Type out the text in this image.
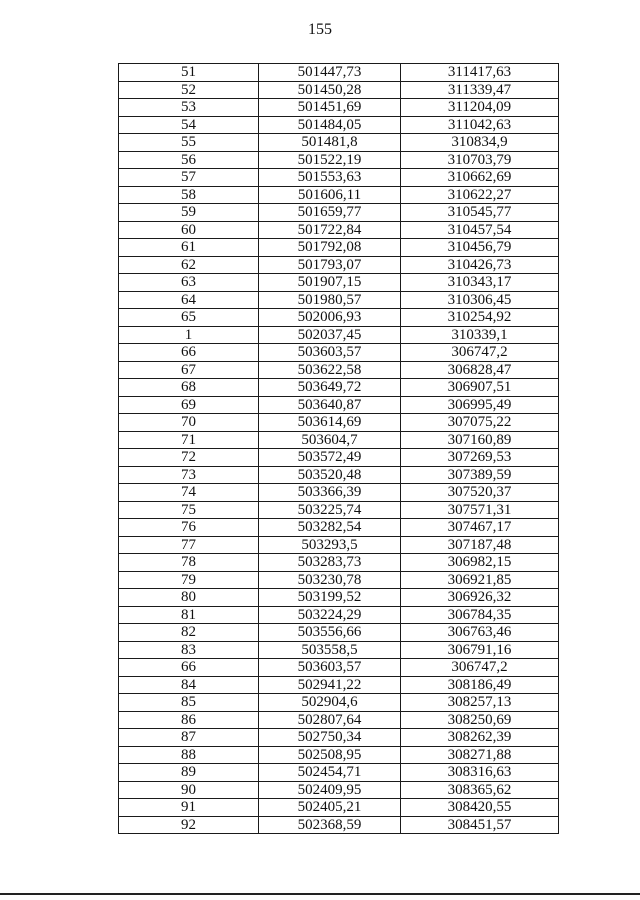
155
51	501447,73	311417,63
52	501450,28	311339,47
53	501451,69	311204,09
54	501484,05	311042,63
55	501481,8	310834,9
56	501522,19	310703,79
57	501553,63	310662,69
58	501606,11	310622,27
59	501659,77	310545,77
60	501722,84	310457,54
61	501792,08	310456,79
62	501793,07	310426,73
63	501907,15	310343,17
64	501980,57	310306,45
65	502006,93	310254,92
1	502037,45	310339,1
66	503603,57	306747,2
67	503622,58	306828,47
68	503649,72	306907,51
69	503640,87	306995,49
70	503614,69	307075,22
71	503604,7	307160,89
72	503572,49	307269,53
73	503520,48	307389,59
74	503366,39	307520,37
75	503225,74	307571,31
76	503282,54	307467,17
77	503293,5	307187,48
78	503283,73	306982,15
79	503230,78	306921,85
80	503199,52	306926,32
81	503224,29	306784,35
82	503556,66	306763,46
83	503558,5	306791,16
66	503603,57	306747,2
84	502941,22	308186,49
85	502904,6	308257,13
86	502807,64	308250,69
87	502750,34	308262,39
88	502508,95	308271,88
89	502454,71	308316,63
90	502409,95	308365,62
91	502405,21	308420,55
92	502368,59	308451,57
